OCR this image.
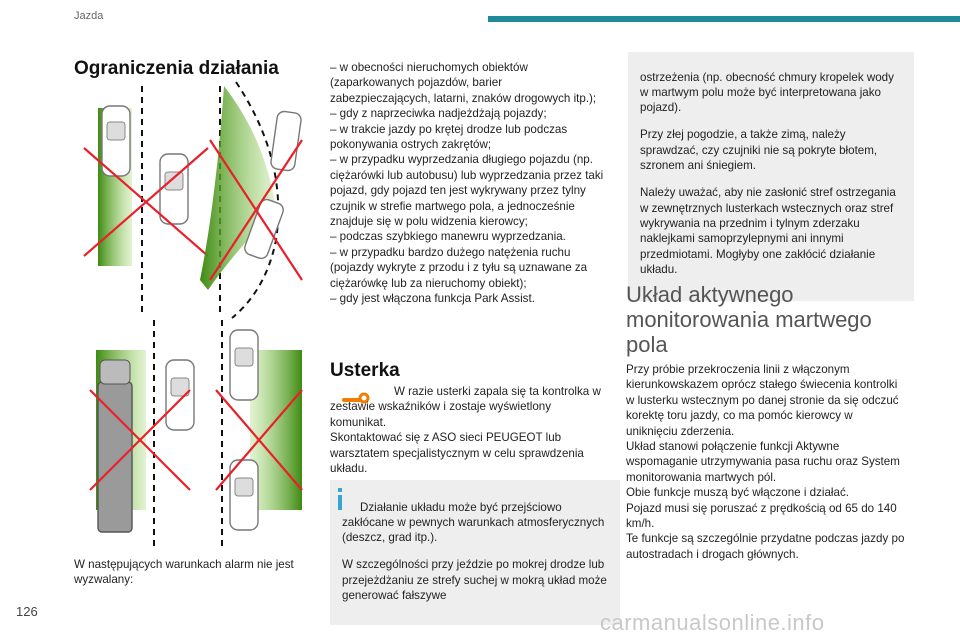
Jazda
Ograniczenia działania
W następujących warunkach alarm nie jest wyzwalany:

– w obecności nieruchomych obiektów (zaparkowanych pojazdów, barier zabezpieczających, latarni, znaków drogowych itp.);

– gdy z naprzeciwka nadjeżdżają pojazdy;

– w trakcie jazdy po krętej drodze lub podczas pokonywania ostrych zakrętów;

– w przypadku wyprzedzania długiego pojazdu (np. ciężarówki lub autobusu) lub wyprzedzania przez taki pojazd, gdy pojazd ten jest wykrywany przez tylny czujnik w strefie martwego pola, a jednocześnie znajduje się w polu widzenia kierowcy;

– podczas szybkiego manewru wyprzedzania.

– w przypadku bardzo dużego natężenia ruchu (pojazdy wykryte z przodu i z tyłu są uznawane za ciężarówkę lub za nieruchomy obiekt);

– gdy jest włączona funkcja Park Assist.

Usterka

W razie usterki zapala się ta kontrolka w zestawie wskaźników i zostaje wyświetlony komunikat.

Skontaktować się z ASO sieci PEUGEOT lub warsztatem specjalistycznym w celu sprawdzenia układu.

Działanie układu może być przejściowo zakłócane w pewnych warunkach atmosferycznych (deszcz, grad itp.).

W szczególności przy jeździe po mokrej drodze lub przejeżdżaniu ze strefy suchej w mokrą układ może generować fałszywe

ostrzeżenia (np. obecność chmury kropelek wody w martwym polu może być interpretowana jako pojazd).

Przy złej pogodzie, a także zimą, należy sprawdzać, czy czujniki nie są pokryte błotem, szronem ani śniegiem.

Należy uważać, aby nie zasłonić stref ostrzegania w zewnętrznych lusterkach wstecznych oraz stref wykrywania na przednim i tylnym zderzaku naklejkami samoprzylepnymi ani innymi przedmiotami. Mogłyby one zakłócić działanie układu.

Układ aktywnego monitorowania martwego pola

Przy próbie przekroczenia linii z włączonym kierunkowskazem oprócz stałego świecenia kontrolki w lusterku wstecznym po danej stronie da się odczuć korektę toru jazdy, co ma pomóc kierowcy w uniknięciu zderzenia.

Układ stanowi połączenie funkcji Aktywne wspomaganie utrzymywania pasa ruchu oraz System monitorowania martwych pól.

Obie funkcje muszą być włączone i działać.

Pojazd musi się poruszać z prędkością od 65 do 140 km/h.

Te funkcje są szczególnie przydatne podczas jazdy po autostradach i drogach głównych.

126	carmanualsonline.info
